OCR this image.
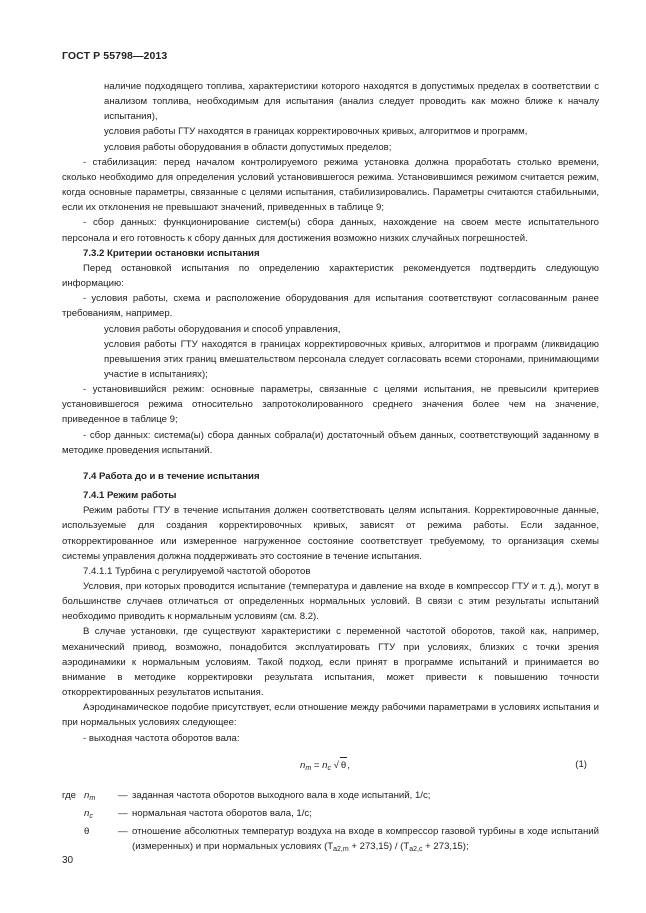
ГОСТ Р 55798—2013

наличие подходящего топлива, характеристики которого находятся в допустимых пределах в соответствии с анализом топлива, необходимым для испытания (анализ следует проводить как можно ближе к началу испытания),

условия работы ГТУ находятся в границах корректировочных кривых, алгоритмов и программ,

условия работы оборудования в области допустимых пределов;

- стабилизация: перед началом контролируемого режима установка должна проработать столько времени, сколько необходимо для определения условий установившегося режима. Установившимся режимом считается режим, когда основные параметры, связанные с целями испытания, стабилизировались. Параметры считаются стабильными, если их отклонения не превышают значений, приведенных в таблице 9;

- сбор данных: функционирование систем(ы) сбора данных, нахождение на своем месте испытательного персонала и его готовность к сбору данных для достижения возможно низких случайных погрешностей.

7.3.2 Критерии остановки испытания

Перед остановкой испытания по определению характеристик рекомендуется подтвердить следующую информацию:

- условия работы, схема и расположение оборудования для испытания соответствуют согласованным ранее требованиям, например.

условия работы оборудования и способ управления,

условия работы ГТУ находятся в границах корректировочных кривых, алгоритмов и программ (ликвидацию превышения этих границ вмешательством персонала следует согласовать всеми сторонами, принимающими участие в испытаниях);

- установившийся режим: основные параметры, связанные с целями испытания, не превысили критериев установившегося режима относительно запротоколированного среднего значения более чем на значение, приведенное в таблице 9;

- сбор данных: система(ы) сбора данных собрала(и) достаточный объем данных, соответствующий заданному в методике проведения испытаний.

7.4 Работа до и в течение испытания

7.4.1 Режим работы

Режим работы ГТУ в течение испытания должен соответствовать целям испытания. Корректировочные данные, используемые для создания корректировочных кривых, зависят от режима работы. Если заданное, откорректированное или измеренное нагруженное состояние соответствует требуемому, то организация схемы системы управления должна поддерживать это состояние в течение испытания.

7.4.1.1 Турбина с регулируемой частотой оборотов

Условия, при которых проводится испытание (температура и давление на входе в компрессор ГТУ и т. д.), могут в большинстве случаев отличаться от определенных нормальных условий. В связи с этим результаты испытаний необходимо приводить к нормальным условиям (см. 8.2).

В случае установки, где существуют характеристики с переменной частотой оборотов, такой как, например, механический привод, возможно, понадобится эксплуатировать ГТУ при условиях, близких с точки зрения аэродинамики к нормальным условиям. Такой подход, если принят в программе испытаний и принимается во внимание в методике корректировки результата испытания, может привести к повышению точности откорректированных результатов испытания.

Аэродинамическое подобие присутствует, если отношение между рабочими параметрами в условиях испытания и при нормальных условиях следующее:

- выходная частота оборотов вала:

$n_m = n_c$ √ θ,	(1)
где $n_m$	— заданная частота оборотов выходного вала в ходе испытаний, 1/с;
$n_c$	— нормальная частота оборотов вала, 1/с;
θ	— отношение абсолютных температур воздуха на входе в компрессор газовой турбины в ходе испытаний (измеренных) и при нормальных условиях $(T_{a2,m} + 273,15) / (T_{a2,c} + 273,15)$;
30
